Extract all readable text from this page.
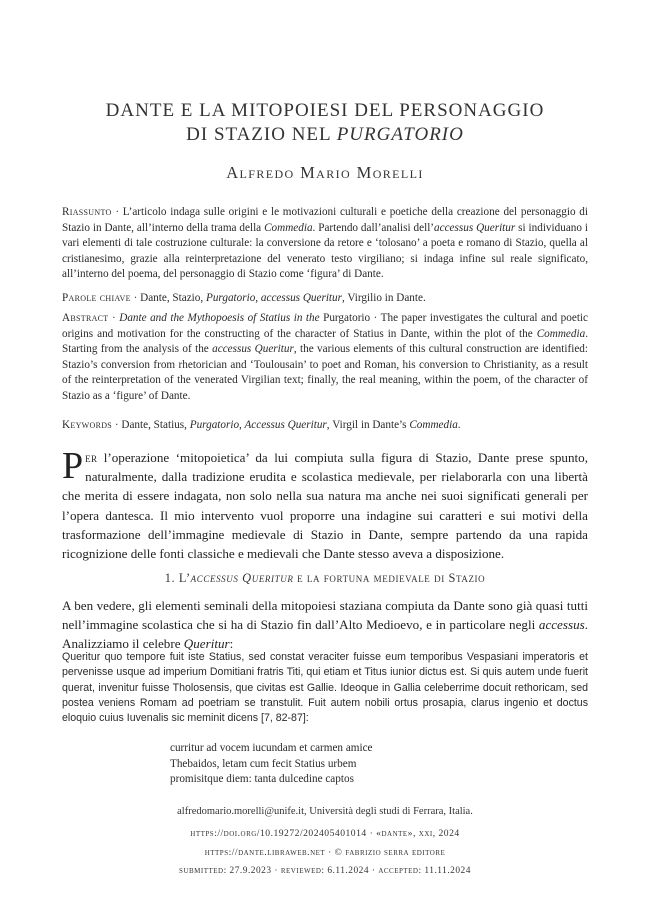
DANTE E LA MITOPOIESI DEL PERSONAGGIO
DI STAZIO NEL PURGATORIO
Alfredo Mario Morelli
Riassunto · L’articolo indaga sulle origini e le motivazioni culturali e poetiche della creazione del personaggio di Stazio in Dante, all’interno della trama della Commedia. Partendo dall’analisi dell’accessus Queritur si individuano i vari elementi di tale costruzione culturale: la conversione da retore e ‘tolosano’ a poeta e romano di Stazio, quella al cristianesimo, grazie alla reinterpretazione del venerato testo virgiliano; si indaga infine sul reale significato, all’interno del poema, del personaggio di Stazio come ‘figura’ di Dante.
Parole chiave · Dante, Stazio, Purgatorio, accessus Queritur, Virgilio in Dante.
Abstract · Dante and the Mythopoesis of Statius in the Purgatorio · The paper investigates the cultural and poetic origins and motivation for the constructing of the character of Statius in Dante, within the plot of the Commedia. Starting from the analysis of the accessus Queritur, the various elements of this cultural construction are identified: Stazio’s conversion from rhetorician and ‘Toulousain’ to poet and Roman, his conversion to Christianity, as a result of the reinterpretation of the venerated Virgilian text; finally, the real meaning, within the poem, of the character of Stazio as a ‘figure’ of Dante.
Keywords · Dante, Statius, Purgatorio, Accessus Queritur, Virgil in Dante’s Commedia.
Per l’operazione ‘mitopoietica’ da lui compiuta sulla figura di Stazio, Dante prese spunto, naturalmente, dalla tradizione erudita e scolastica medievale, per rielaborarla con una libertà che merita di essere indagata, non solo nella sua natura ma anche nei suoi significati generali per l’opera dantesca. Il mio intervento vuol proporre una indagine sui caratteri e sui motivi della trasformazione dell’immagine medievale di Stazio in Dante, sempre partendo da una rapida ricognizione delle fonti classiche e medievali che Dante stesso aveva a disposizione.
1. L’accessus Queritur e la fortuna medievale di Stazio
A ben vedere, gli elementi seminali della mitopoiesi staziana compiuta da Dante sono già quasi tutti nell’immagine scolastica che si ha di Stazio fin dall’Alto Medioevo, e in particolare negli accessus. Analizziamo il celebre Queritur:
Queritur quo tempore fuit iste Statius, sed constat veraciter fuisse eum temporibus Vespasiani imperatoris et pervenisse usque ad imperium Domitiani fratris Titi, qui etiam et Titus iunior dictus est. Si quis autem unde fuerit querat, invenitur fuisse Tholosensis, que civitas est Gallie. Ideoque in Gallia celeberrime docuit rethoricam, sed postea veniens Romam ad poetriam se transtulit. Fuit autem nobili ortus prosapia, clarus ingenio et doctus eloquio cuius Iuvenalis sic meminit dicens [7, 82-87]:
curritur ad vocem iucundam et carmen amice
Thebaidos, letam cum fecit Statius urbem
promisitque diem: tanta dulcedine captos
alfredomario.morelli@unife.it, Università degli studi di Ferrara, Italia.
https://doi.org/10.19272/202405401014 · «dante», xxi, 2024
https://dante.libraweb.net · © fabrizio serra editore
submitted: 27.9.2023 · reviewed: 6.11.2024 · accepted: 11.11.2024
